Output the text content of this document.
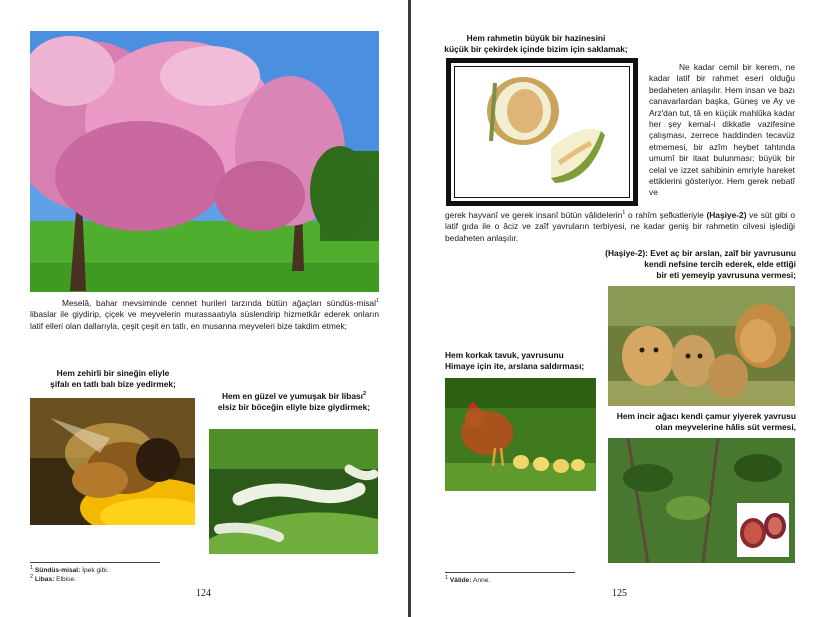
Meselâ, bahar mevsiminde cennet hurileri tarzında bütün ağaçları sündüs-misal$^1$ libaslar ile giydirip, çiçek ve meyvelerin murassaatıyla süslendirip hizmetkâr ederek onların latif elleri olan dallarıyla, çeşit çeşit en tatlı, en musanna meyveleri bize takdim etmek;
Hem zehirli bir sineğin eliyle
şifalı en tatlı balı bize yedirmek;
Hem en güzel ve yumuşak bir libası$^2$
elsiz bir böceğin eliyle bize giydirmek;
$^1$ Sündüs-misal: İpek gibi.
$^2$ Libas: Elbise.
124
Hem rahmetin büyük bir hazinesini
küçük bir çekirdek içinde bizim için saklamak;
Ne kadar cemil bir kerem, ne kadar latif bir rahmet eseri olduğu bedaheten anlaşılır. Hem insan ve bazı canavarlardan başka, Güneş ve Ay ve Arz'dan tut, tâ en küçük mahlûka kadar her şey kemal-i dikkatle vazifesine çalışması, zerrece haddinden tecavüz etmemesi, bir azîm heybet tahtında umumî bir itaat bulunması; büyük bir celal ve izzet sahibinin emriyle hareket ettiklerini gösteriyor. Hem gerek nebatî ve
gerek hayvanî ve gerek insanî bütün vâlidelerin$^1$ o rahîm şefkatleriyle (Haşiye-2) ve süt gibi o latif gıda ile o âciz ve zaîf yavruların terbiyesi, ne kadar geniş bir rahmetin cilvesi işlediği bedaheten anlaşılır.
(Haşiye-2): Evet aç bir arslan, zaîf bir yavrusunu
kendi nefsine tercih ederek, elde ettiği
bir eti yemeyip yavrusuna vermesi;
Hem korkak tavuk, yavrusunu
Himaye için ite, arslana saldırması;
Hem incir ağacı kendi çamur yiyerek yavrusu
olan meyvelerine hâlis süt vermesi,
$^1$ Vâlide: Anne.
125
